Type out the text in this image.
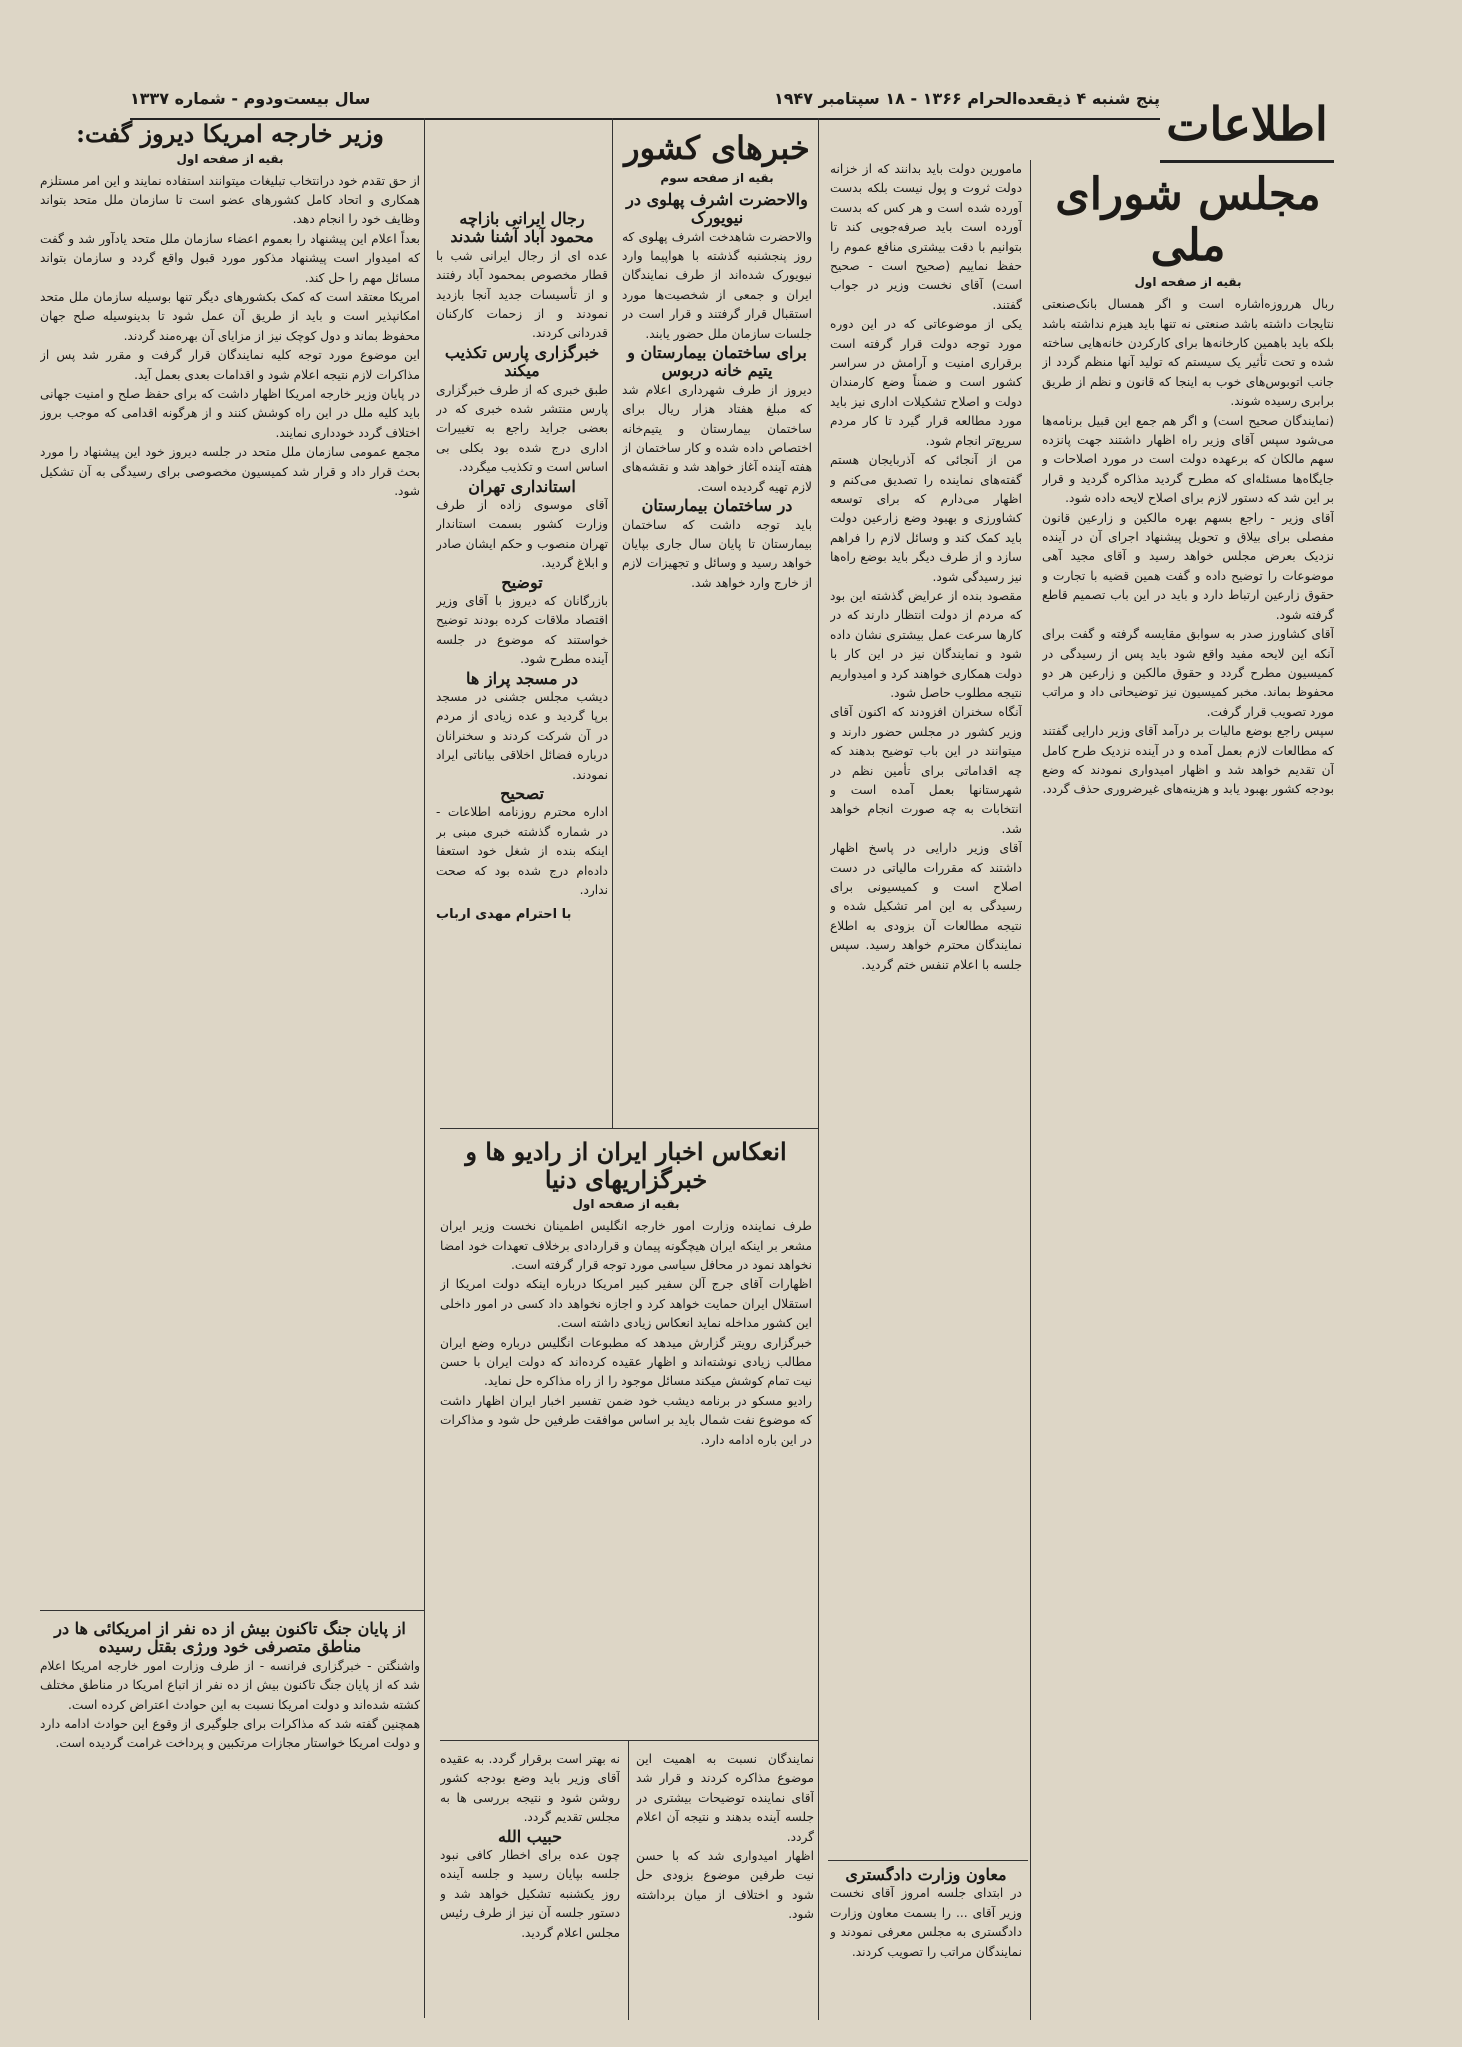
پنج شنبه ۴ ذیقعده‌الحرام ۱۳۶۶ - ۱۸ سپتامبر ۱۹۴۷
سال بیست‌ودوم - شماره ۱۳۳۷	اطلاعات
مجلس شورای ملی
بقیه از صفحه اول

ربال هرروزه‌اشاره است و اگر همسال بانک‌صنعتی نتایجات داشته باشد صنعتی نه تنها باید هیزم نداشته باشد بلکه باید باهمین کارخانه‌ها برای کارکردن خانه‌هایی ساخته شده و تحت تأثیر یک سیستم که تولید آنها منظم گردد از جانب اتوبوس‌های خوب به اینجا که قانون و نظم از طریق برابری رسیده شوند.

(نمایندگان صحیح است) و اگر هم جمع این قبیل برنامه‌ها می‌شود سپس آقای وزیر راه اظهار داشتند جهت پانزده سهم مالکان که برعهده دولت است در مورد اصلاحات و جایگاه‌ها مسئله‌ای که مطرح گردید مذاکره گردید و قرار بر این شد که دستور لازم برای اصلاح لایحه داده شود.

آقای وزیر - راجع بسهم بهره مالکین و زارعین قانون مفصلی برای بیلاق و تحویل پیشنهاد اجرای آن در آینده نزدیک بعرض مجلس خواهد رسید و آقای مجید آهی موضوعات را توضیح داده و گفت همین قضیه با تجارت و حقوق زارعین ارتباط دارد و باید در این باب تصمیم قاطع گرفته شود.

آقای کشاورز صدر به سوابق مقایسه گرفته و گفت برای آنکه این لایحه مفید واقع شود باید پس از رسیدگی در کمیسیون مطرح گردد و حقوق مالکین و زارعین هر دو محفوظ بماند. مخبر کمیسیون نیز توضیحاتی داد و مراتب مورد تصویب قرار گرفت.

سپس راجع بوضع مالیات بر درآمد آقای وزیر دارایی گفتند که مطالعات لازم بعمل آمده و در آینده نزدیک طرح کامل آن تقدیم خواهد شد و اظهار امیدواری نمودند که وضع بودجه کشور بهبود یابد و هزینه‌های غیرضروری حذف گردد.

مامورین دولت باید بدانند که از خزانه دولت ثروت و پول نیست بلکه بدست آورده شده است و هر کس که بدست آورده است باید صرفه‌جویی کند تا بتوانیم با دقت بیشتری منافع عموم را حفظ نماییم (صحیح است - صحیح است) آقای نخست وزیر در جواب گفتند.

یکی از موضوعاتی که در این دوره مورد توجه دولت قرار گرفته است برقراری امنیت و آرامش در سراسر کشور است و ضمناً وضع کارمندان دولت و اصلاح تشکیلات اداری نیز باید مورد مطالعه قرار گیرد تا کار مردم سریع‌تر انجام شود.

من از آنجائی که آذربایجان هستم گفته‌های نماینده را تصدیق می‌کنم و اظهار می‌دارم که برای توسعه کشاورزی و بهبود وضع زارعین دولت باید کمک کند و وسائل لازم را فراهم سازد و از طرف دیگر باید بوضع راه‌ها نیز رسیدگی شود.

مقصود بنده از عرایض گذشته این بود که مردم از دولت انتظار دارند که در کارها سرعت عمل بیشتری نشان داده شود و نمایندگان نیز در این کار با دولت همکاری خواهند کرد و امیدواریم نتیجه مطلوب حاصل شود.

آنگاه سخنران افزودند که اکنون آقای وزیر کشور در مجلس حضور دارند و میتوانند در این باب توضیح بدهند که چه اقداماتی برای تأمین نظم در شهرستانها بعمل آمده است و انتخابات به چه صورت انجام خواهد شد.

آقای وزیر دارایی در پاسخ اظهار داشتند که مقررات مالیاتی در دست اصلاح است و کمیسیونی برای رسیدگی به این امر تشکیل شده و نتیجه مطالعات آن بزودی به اطلاع نمایندگان محترم خواهد رسید. سپس جلسه با اعلام تنفس ختم گردید.

خبرهای کشور
بقیه از صفحه سوم
والاحضرت اشرف پهلوی در نیویورک

والاحضرت شاهدخت اشرف پهلوی که روز پنجشنبه گذشته با هواپیما وارد نیویورک شده‌اند از طرف نمایندگان ایران و جمعی از شخصیت‌ها مورد استقبال قرار گرفتند و قرار است در جلسات سازمان ملل حضور یابند.

برای ساختمان بیمارستان و یتیم خانه دربوس

دیروز از طرف شهرداری اعلام شد که مبلغ هفتاد هزار ریال برای ساختمان بیمارستان و یتیم‌خانه اختصاص داده شده و کار ساختمان از هفته آینده آغاز خواهد شد و نقشه‌های لازم تهیه گردیده است.

در ساختمان بیمارستان

باید توجه داشت که ساختمان بیمارستان تا پایان سال جاری بپایان خواهد رسید و وسائل و تجهیزات لازم از خارج وارد خواهد شد.

رجال ایرانی بازاچه محمود آباد آشنا شدند

عده ای از رجال ایرانی شب با قطار مخصوص بمحمود آباد رفتند و از تأسیسات جدید آنجا بازدید نمودند و از زحمات کارکنان قدردانی کردند.

خبرگزاری پارس تکذیب میکند

طبق خبری که از طرف خبرگزاری پارس منتشر شده خبری که در بعضی جراید راجع به تغییرات اداری درج شده بود بکلی بی اساس است و تکذیب میگردد.

استانداری تهران

آقای موسوی زاده از طرف وزارت کشور بسمت استاندار تهران منصوب و حکم ایشان صادر و ابلاغ گردید.

توضیح

بازرگانان که دیروز با آقای وزیر اقتصاد ملاقات کرده بودند توضیح خواستند که موضوع در جلسه آینده مطرح شود.

در مسجد پراز ها

دیشب مجلس جشنی در مسجد برپا گردید و عده زیادی از مردم در آن شرکت کردند و سخنرانان درباره فضائل اخلاقی بیاناتی ایراد نمودند.

تصحیح

اداره محترم روزنامه اطلاعات - در شماره گذشته خبری مبنی بر اینکه بنده از شغل خود استعفا داده‌ام درج شده بود که صحت ندارد.

با احترام مهدی ارباب
وزیر خارجه امریکا دیروز گفت:
بقیه از صفحه اول

از حق تقدم خود درانتخاب تبلیغات میتوانند استفاده نمایند و این امر مستلزم همکاری و اتحاد کامل کشورهای عضو است تا سازمان ملل متحد بتواند وظایف خود را انجام دهد.

بعداً اعلام این پیشنهاد را بعموم اعضاء سازمان ملل متحد یادآور شد و گفت که امیدوار است پیشنهاد مذکور مورد قبول واقع گردد و سازمان بتواند مسائل مهم را حل کند.

امریکا معتقد است که کمک بکشورهای دیگر تنها بوسیله سازمان ملل متحد امکانپذیر است و باید از طریق آن عمل شود تا بدینوسیله صلح جهان محفوظ بماند و دول کوچک نیز از مزایای آن بهره‌مند گردند.

این موضوع مورد توجه کلیه نمایندگان قرار گرفت و مقرر شد پس از مذاکرات لازم نتیجه اعلام شود و اقدامات بعدی بعمل آید.

در پایان وزیر خارجه امریکا اظهار داشت که برای حفظ صلح و امنیت جهانی باید کلیه ملل در این راه کوشش کنند و از هرگونه اقدامی که موجب بروز اختلاف گردد خودداری نمایند.

مجمع عمومی سازمان ملل متحد در جلسه دیروز خود این پیشنهاد را مورد بحث قرار داد و قرار شد کمیسیون مخصوصی برای رسیدگی به آن تشکیل شود.

انعکاس اخبار ایران از رادیو ها و خبرگزاریهای دنیا
بقیه از صفحه اول

طرف نماینده وزارت امور خارجه انگلیس اطمینان نخست وزیر ایران مشعر بر اینکه ایران هیچگونه پیمان و قراردادی برخلاف تعهدات خود امضا نخواهد نمود در محافل سیاسی مورد توجه قرار گرفته است.

اظهارات آقای جرج آلن سفیر کبیر امریکا درباره اینکه دولت امریکا از استقلال ایران حمایت خواهد کرد و اجازه نخواهد داد کسی در امور داخلی این کشور مداخله نماید انعکاس زیادی داشته است.

خبرگزاری رویتر گزارش میدهد که مطبوعات انگلیس درباره وضع ایران مطالب زیادی نوشته‌اند و اظهار عقیده کرده‌اند که دولت ایران با حسن نیت تمام کوشش میکند مسائل موجود را از راه مذاکره حل نماید.

رادیو مسکو در برنامه دیشب خود ضمن تفسیر اخبار ایران اظهار داشت که موضوع نفت شمال باید بر اساس موافقت طرفین حل شود و مذاکرات در این باره ادامه دارد.

از پایان جنگ تاکنون بیش از ده نفر از امریکائی ها در مناطق متصرفی خود ورژی بقتل رسیده

واشنگتن - خبرگزاری فرانسه - از طرف وزارت امور خارجه امریکا اعلام شد که از پایان جنگ تاکنون بیش از ده نفر از اتباع امریکا در مناطق مختلف کشته شده‌اند و دولت امریکا نسبت به این حوادث اعتراض کرده است.

همچنین گفته شد که مذاکرات برای جلوگیری از وقوع این حوادث ادامه دارد و دولت امریکا خواستار مجازات مرتکبین و پرداخت غرامت گردیده است.

نه بهتر است برقرار گردد. به عقیده آقای وزیر باید وضع بودجه کشور روشن شود و نتیجه بررسی ها به مجلس تقدیم گردد.

حبیب الله

چون عده برای اخطار کافی نبود جلسه بپایان رسید و جلسه آینده روز یکشنبه تشکیل خواهد شد و دستور جلسه آن نیز از طرف رئیس مجلس اعلام گردید.

نمایندگان نسبت به اهمیت این موضوع مذاکره کردند و قرار شد آقای نماینده توضیحات بیشتری در جلسه آینده بدهند و نتیجه آن اعلام گردد.

اظهار امیدواری شد که با حسن نیت طرفین موضوع بزودی حل شود و اختلاف از میان برداشته شود.

معاون وزارت دادگستری

در ابتدای جلسه امروز آقای نخست وزیر آقای ... را بسمت معاون وزارت دادگستری به مجلس معرفی نمودند و نمایندگان مراتب را تصویب کردند.
